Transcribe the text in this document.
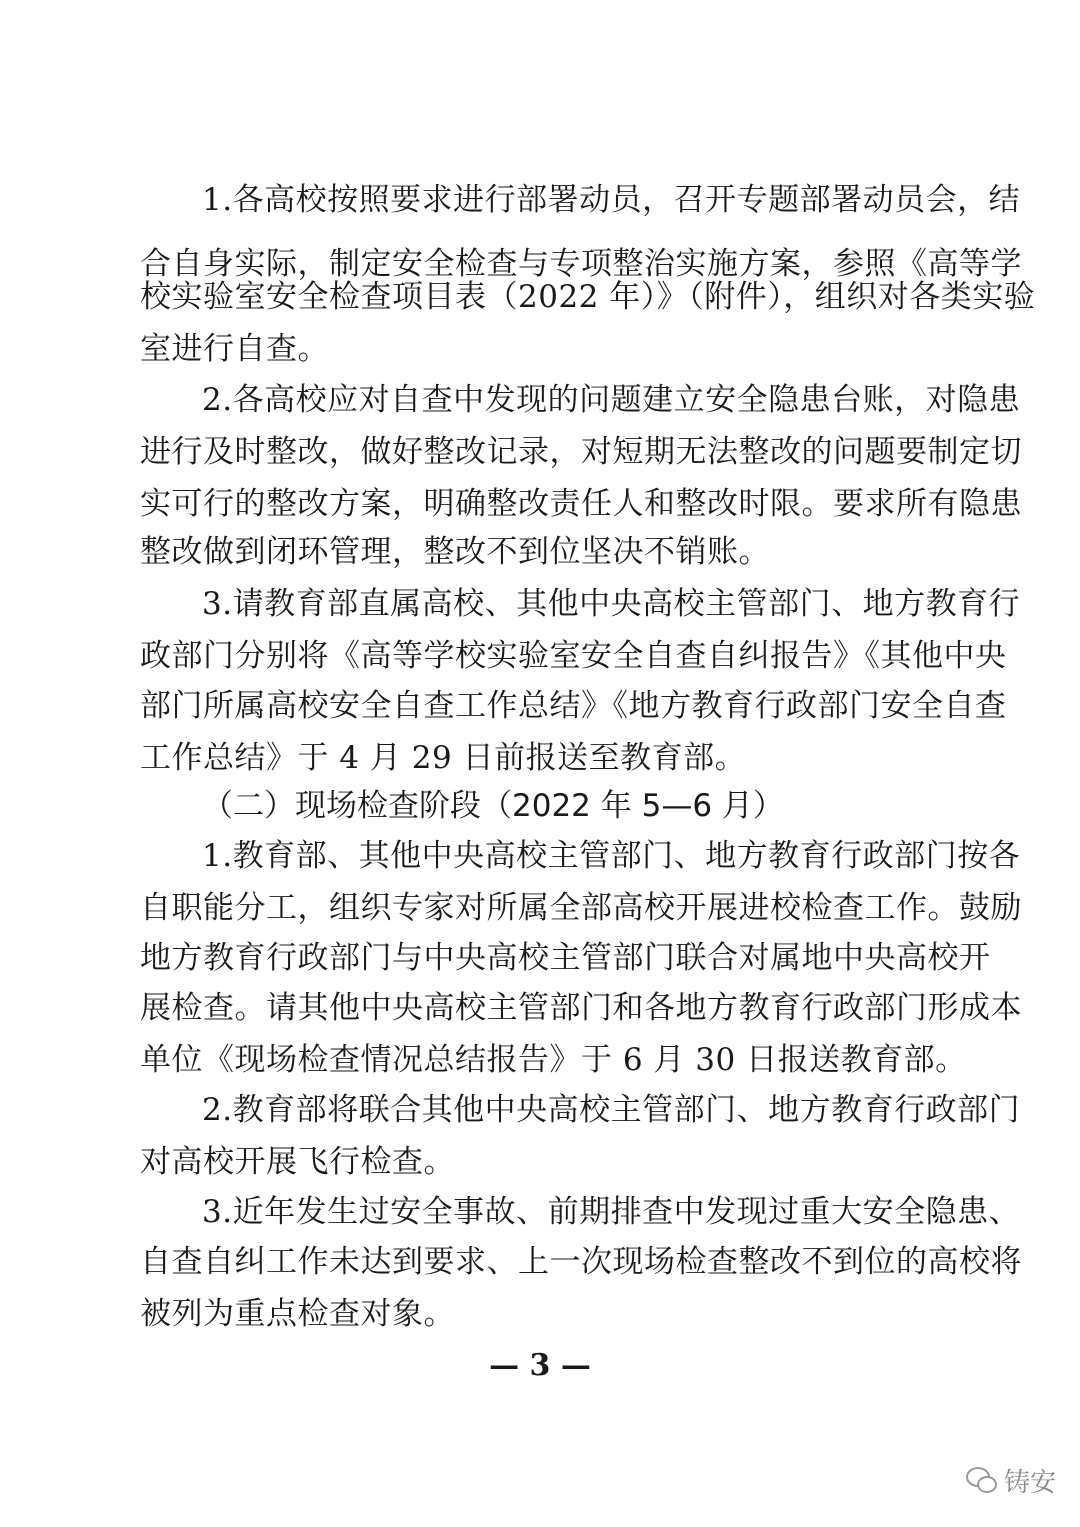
1.各高校按照要求进行部署动员，召开专题部署动员会，结
合自身实际，制定安全检查与专项整治实施方案，参照《高等学
校实验室安全检查项目表（2022 年）》（附件），组织对各类实验
室进行自查。
2.各高校应对自查中发现的问题建立安全隐患台账，对隐患
进行及时整改，做好整改记录，对短期无法整改的问题要制定切
实可行的整改方案，明确整改责任人和整改时限。要求所有隐患
整改做到闭环管理，整改不到位坚决不销账。
3.请教育部直属高校、其他中央高校主管部门、地方教育行
政部门分别将《高等学校实验室安全自查自纠报告》《其他中央
部门所属高校安全自查工作总结》《地方教育行政部门安全自查
工作总结》于 4 月 29 日前报送至教育部。
（二）现场检查阶段（2022 年 5—6 月）
1.教育部、其他中央高校主管部门、地方教育行政部门按各
自职能分工，组织专家对所属全部高校开展进校检查工作。鼓励
地方教育行政部门与中央高校主管部门联合对属地中央高校开
展检查。请其他中央高校主管部门和各地方教育行政部门形成本
单位《现场检查情况总结报告》于 6 月 30 日报送教育部。
2.教育部将联合其他中央高校主管部门、地方教育行政部门
对高校开展飞行检查。
3.近年发生过安全事故、前期排查中发现过重大安全隐患、
自查自纠工作未达到要求、上一次现场检查整改不到位的高校将
被列为重点检查对象。
— 3 —
铸安
